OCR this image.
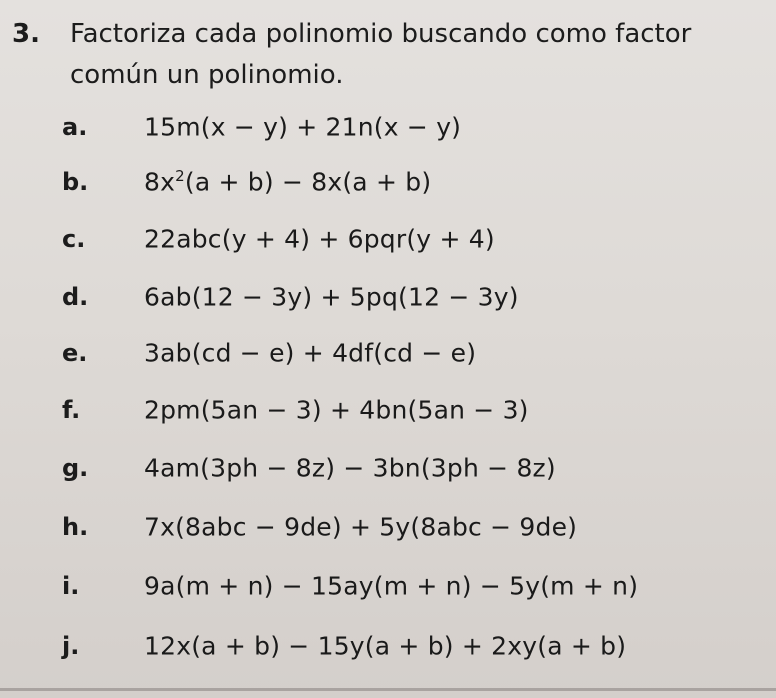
3.	Factoriza cada polinomio buscando como factor común un polinomio.
a.	15m(x − y) + 21n(x − y)
b.	$8x^2(a + b) - 8x(a + b)$
c.	22abc(y + 4) + 6pqr(y + 4)
d.	6ab(12 − 3y) + 5pq(12 − 3y)
e.	3ab(cd − e) + 4df(cd − e)
f.	2pm(5an − 3) + 4bn(5an − 3)
g.	4am(3ph − 8z) − 3bn(3ph − 8z)
h.	7x(8abc − 9de) + 5y(8abc − 9de)
i.	9a(m + n) − 15ay(m + n) − 5y(m + n)
j.	12x(a + b) − 15y(a + b) + 2xy(a + b)
